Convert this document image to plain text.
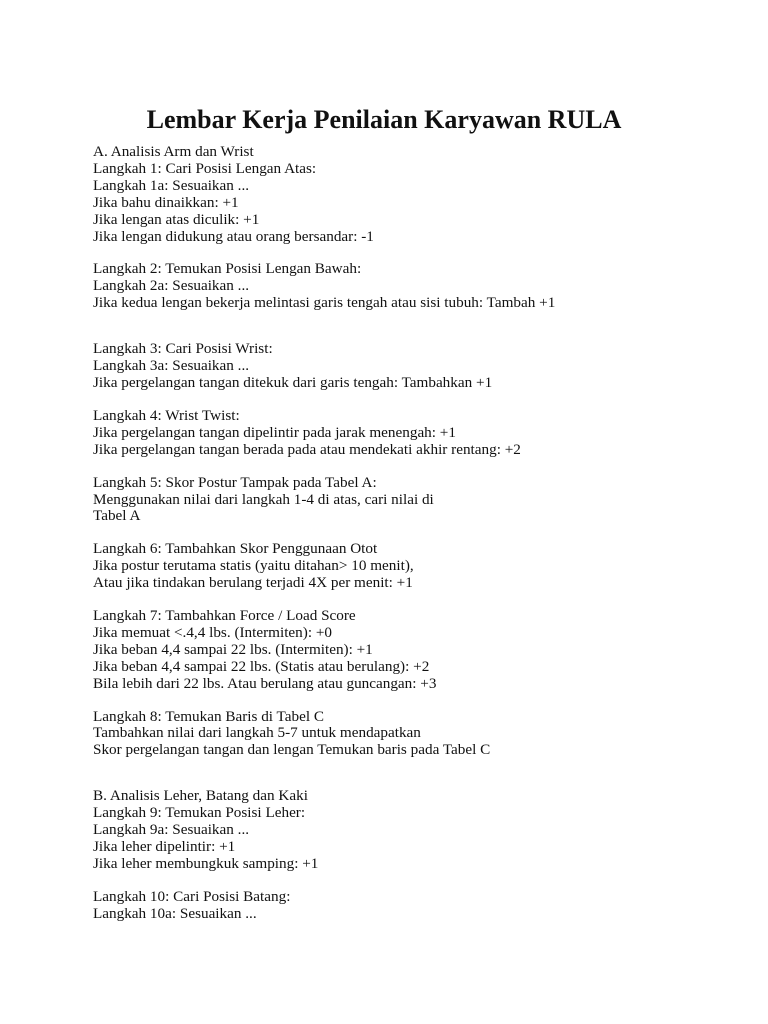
Lembar Kerja Penilaian Karyawan RULA
A. Analisis Arm dan Wrist
Langkah 1: Cari Posisi Lengan Atas:
Langkah 1a: Sesuaikan ...
Jika bahu dinaikkan: +1
Jika lengan atas diculik: +1
Jika lengan didukung atau orang bersandar: -1
Langkah 2: Temukan Posisi Lengan Bawah:
Langkah 2a: Sesuaikan ...
Jika kedua lengan bekerja melintasi garis tengah atau sisi tubuh: Tambah +1
Langkah 3: Cari Posisi Wrist:
Langkah 3a: Sesuaikan ...
Jika pergelangan tangan ditekuk dari garis tengah: Tambahkan +1
Langkah 4: Wrist Twist:
Jika pergelangan tangan dipelintir pada jarak menengah: +1
Jika pergelangan tangan berada pada atau mendekati akhir rentang: +2
Langkah 5: Skor Postur Tampak pada Tabel A:
Menggunakan nilai dari langkah 1-4 di atas, cari nilai di
Tabel A
Langkah 6: Tambahkan Skor Penggunaan Otot
Jika postur terutama statis (yaitu ditahan> 10 menit),
Atau jika tindakan berulang terjadi 4X per menit: +1
Langkah 7: Tambahkan Force / Load Score
Jika memuat <.4,4 lbs. (Intermiten): +0
Jika beban 4,4 sampai 22 lbs. (Intermiten): +1
Jika beban 4,4 sampai 22 lbs. (Statis atau berulang): +2
Bila lebih dari 22 lbs. Atau berulang atau guncangan: +3
Langkah 8: Temukan Baris di Tabel C
Tambahkan nilai dari langkah 5-7 untuk mendapatkan
Skor pergelangan tangan dan lengan Temukan baris pada Tabel C
B. Analisis Leher, Batang dan Kaki
Langkah 9: Temukan Posisi Leher:
Langkah 9a: Sesuaikan ...
Jika leher dipelintir: +1
Jika leher membungkuk samping: +1
Langkah 10: Cari Posisi Batang:
Langkah 10a: Sesuaikan ...
